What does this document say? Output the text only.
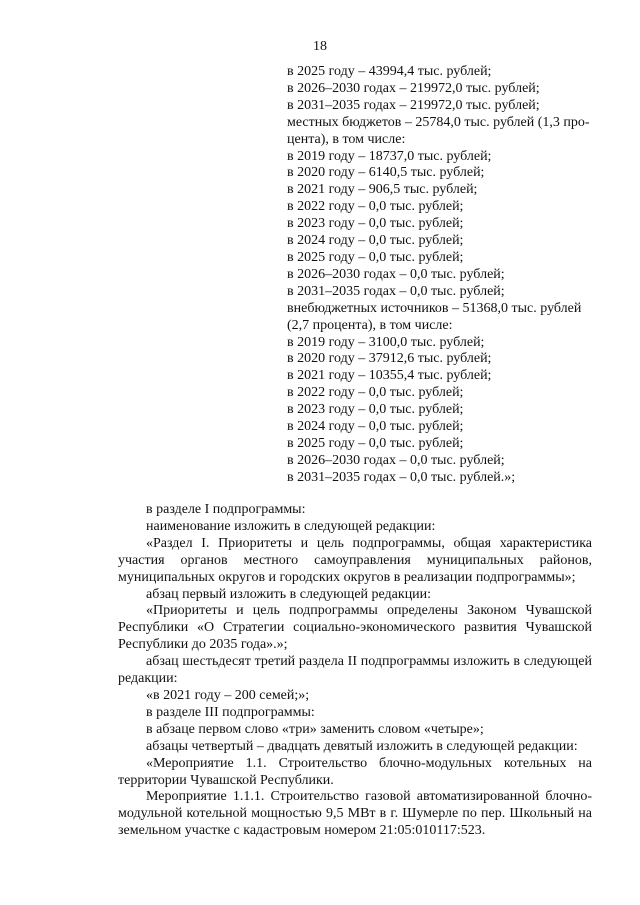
18
в 2025 году – 43994,4 тыс. рублей;
в 2026–2030 годах – 219972,0 тыс. рублей;
в 2031–2035 годах – 219972,0 тыс. рублей;
местных бюджетов – 25784,0 тыс. рублей (1,3 про-
цента), в том числе:
в 2019 году – 18737,0 тыс. рублей;
в 2020 году – 6140,5 тыс. рублей;
в 2021 году – 906,5 тыс. рублей;
в 2022 году – 0,0 тыс. рублей;
в 2023 году – 0,0 тыс. рублей;
в 2024 году – 0,0 тыс. рублей;
в 2025 году – 0,0 тыс. рублей;
в 2026–2030 годах – 0,0 тыс. рублей;
в 2031–2035 годах – 0,0 тыс. рублей;
внебюджетных источников – 51368,0 тыс. рублей
(2,7 процента), в том числе:
в 2019 году – 3100,0 тыс. рублей;
в 2020 году – 37912,6 тыс. рублей;
в 2021 году – 10355,4 тыс. рублей;
в 2022 году – 0,0 тыс. рублей;
в 2023 году – 0,0 тыс. рублей;
в 2024 году – 0,0 тыс. рублей;
в 2025 году – 0,0 тыс. рублей;
в 2026–2030 годах – 0,0 тыс. рублей;
в 2031–2035 годах – 0,0 тыс. рублей.»;

в разделе I подпрограммы:

наименование изложить в следующей редакции:

«Раздел I. Приоритеты и цель подпрограммы, общая характеристика участия органов местного самоуправления муниципальных районов, муниципальных округов и городских округов в реализации подпрограммы»;

абзац первый изложить в следующей редакции:

«Приоритеты и цель подпрограммы определены Законом Чувашской Республики «О Стратегии социально-экономического развития Чувашской Республики до 2035 года».»;

абзац шестьдесят третий раздела II подпрограммы изложить в следующей редакции:

«в 2021 году – 200 семей;»;

в разделе III подпрограммы:

в абзаце первом слово «три» заменить словом «четыре»;

абзацы четвертый – двадцать девятый изложить в следующей редакции:

«Мероприятие 1.1. Строительство блочно-модульных котельных на территории Чувашской Республики.

Мероприятие 1.1.1. Строительство газовой автоматизированной блочно-модульной котельной мощностью 9,5 МВт в г. Шумерле по пер. Школьный на земельном участке с кадастровым номером 21:05:010117:523.
